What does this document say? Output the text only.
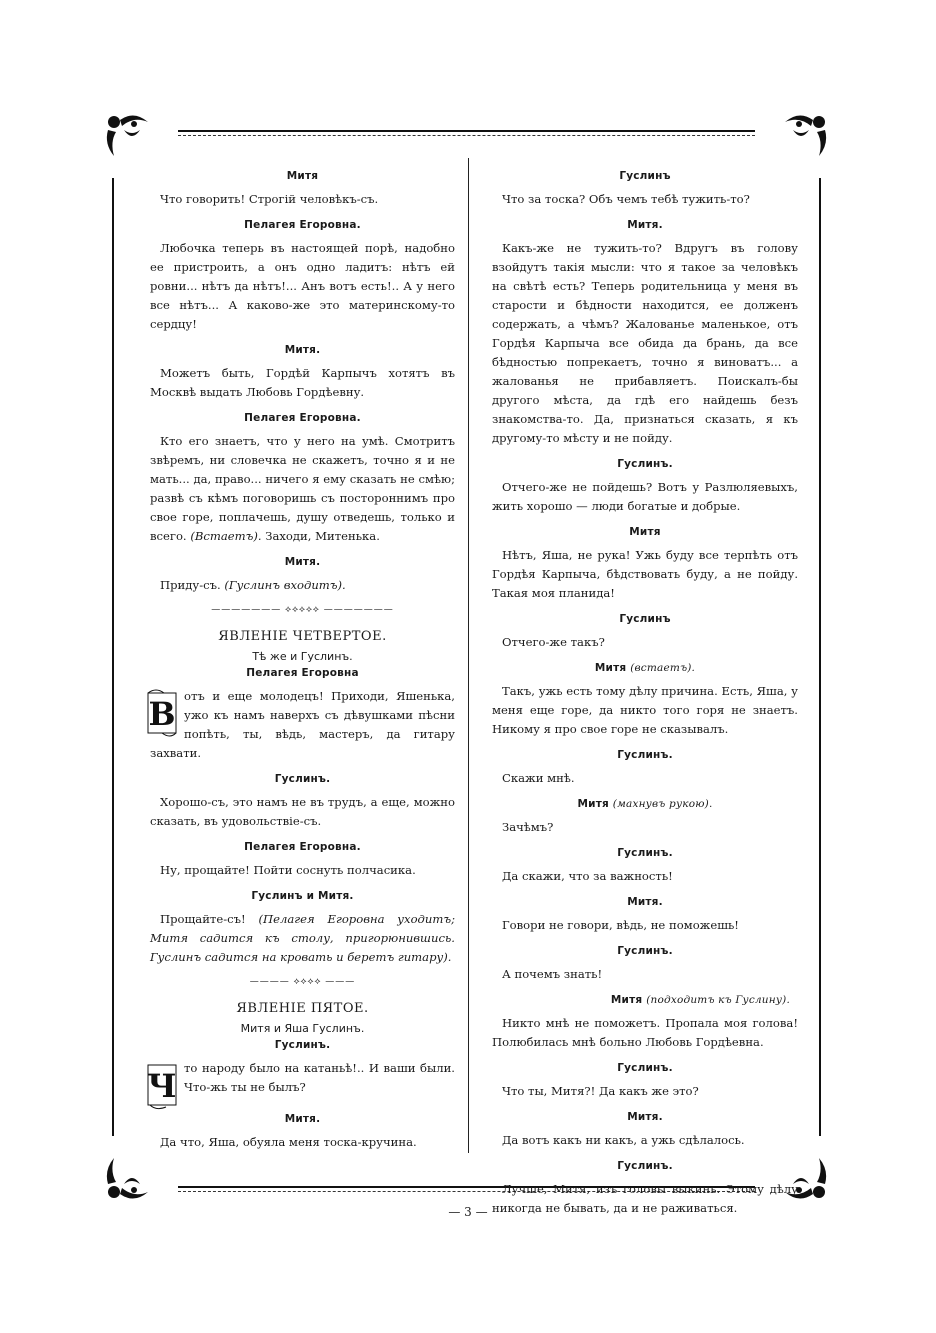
Митя

Что говорить! Строгій человѣкъ-съ.

Пелагея Егоровна.

Любочка теперь въ настоящей порѣ, надобно ее пристроить, а онъ одно ладитъ: нѣтъ ей ровни... нѣтъ да нѣтъ!... Анъ вотъ есть!.. А у него все нѣтъ... А каково-же это материнскому-то сердцу!

Митя.

Можетъ быть, Гордѣй Карпычъ хотятъ въ Москвѣ выдать Любовь Гордѣевну.

Пелагея Егоровна.

Кто его знаетъ, что у него на умѣ. Смотритъ звѣремъ, ни словечка не скажетъ, точно я и не мать... да, право... ничего я ему сказать не смѣю; развѣ съ кѣмъ поговоришь съ постороннимъ про свое горе, поплачешь, душу отведешь, только и всего. (Встаетъ). Заходи, Митенька.

Митя.

Приду-съ. (Гуслинъ входитъ).

——————— ⟡⟡⟡⟡⟡ ———————
ЯВЛЕНІЕ ЧЕТВЕРТОЕ.
Тѣ же и Гуслинъ.
Пелагея Егоровна
В отъ и еще молодецъ! Приходи, Яшенька, ужо къ намъ наверхъ съ дѣвушками пѣсни попѣть, ты, вѣдь, мастеръ, да гитару захвати.

Гуслинъ.

Хорошо-съ, это намъ не въ трудъ, а еще, можно сказать, въ удовольствіе-съ.

Пелагея Егоровна.

Ну, прощайте! Пойти соснуть полчасика.

Гуслинъ и Митя.

Прощайте-съ! (Пелагея Егоровна уходитъ; Митя садится къ столу, пригорюнившись. Гуслинъ садится на кровать и беретъ гитару).

———— ⟡⟡⟡⟡ ———
ЯВЛЕНІЕ ПЯТОЕ.
Митя и Яша Гуслинъ.
Гуслинъ.
Ч то народу было на катаньѣ!.. И ваши были. Что-жь ты не былъ?

Митя.

Да что, Яша, обуяла меня тоска-кручина.

Гуслинъ

Что за тоска? Объ чемъ тебѣ тужить-то?

Митя.

Какъ-же не тужить-то? Вдругъ въ голову взойдутъ такія мысли: что я такое за человѣкъ на свѣтѣ есть? Теперь родительница у меня въ старости и бѣдности находится, ее долженъ содержать, а чѣмъ? Жалованье маленькое, отъ Гордѣя Карпыча все обида да брань, да все бѣдностью попрекаетъ, точно я виноватъ... а жалованья не прибавляетъ. Поискалъ-бы другого мѣста, да гдѣ его найдешь безъ знакомства-то. Да, признаться сказать, я къ другому-то мѣсту и не пойду.

Гуслинъ.

Отчего-же не пойдешь? Вотъ у Разлюляевыхъ, жить хорошо — люди богатые и добрые.

Митя

Нѣтъ, Яша, не рука! Ужь буду все терпѣть отъ Гордѣя Карпыча, бѣдствовать буду, а не пойду. Такая моя планида!

Гуслинъ

Отчего-же такъ?

Митя (встаетъ).

Такъ, ужь есть тому дѣлу причина. Есть, Яша, у меня еще горе, да никто того горя не знаетъ. Никому я про свое горе не сказывалъ.

Гуслинъ.

Скажи мнѣ.

Митя (махнувъ рукою).

Зачѣмъ?

Гуслинъ.

Да скажи, что за важность!

Митя.

Говори не говори, вѣдь, не поможешь!

Гуслинъ.

А почемъ знать!

Митя (подходитъ къ Гуслину).

Никто мнѣ не поможетъ. Пропала моя голова! Полюбилась мнѣ больно Любовь Гордѣевна.

Гуслинъ.

Что ты, Митя?! Да какъ же это?

Митя.

Да вотъ какъ ни какъ, а ужь сдѣлалось.

Гуслинъ.

Лучше, Митя, изъ головы выкинь. Этому дѣлу никогда не бывать, да и не раживаться.

— 3 —
